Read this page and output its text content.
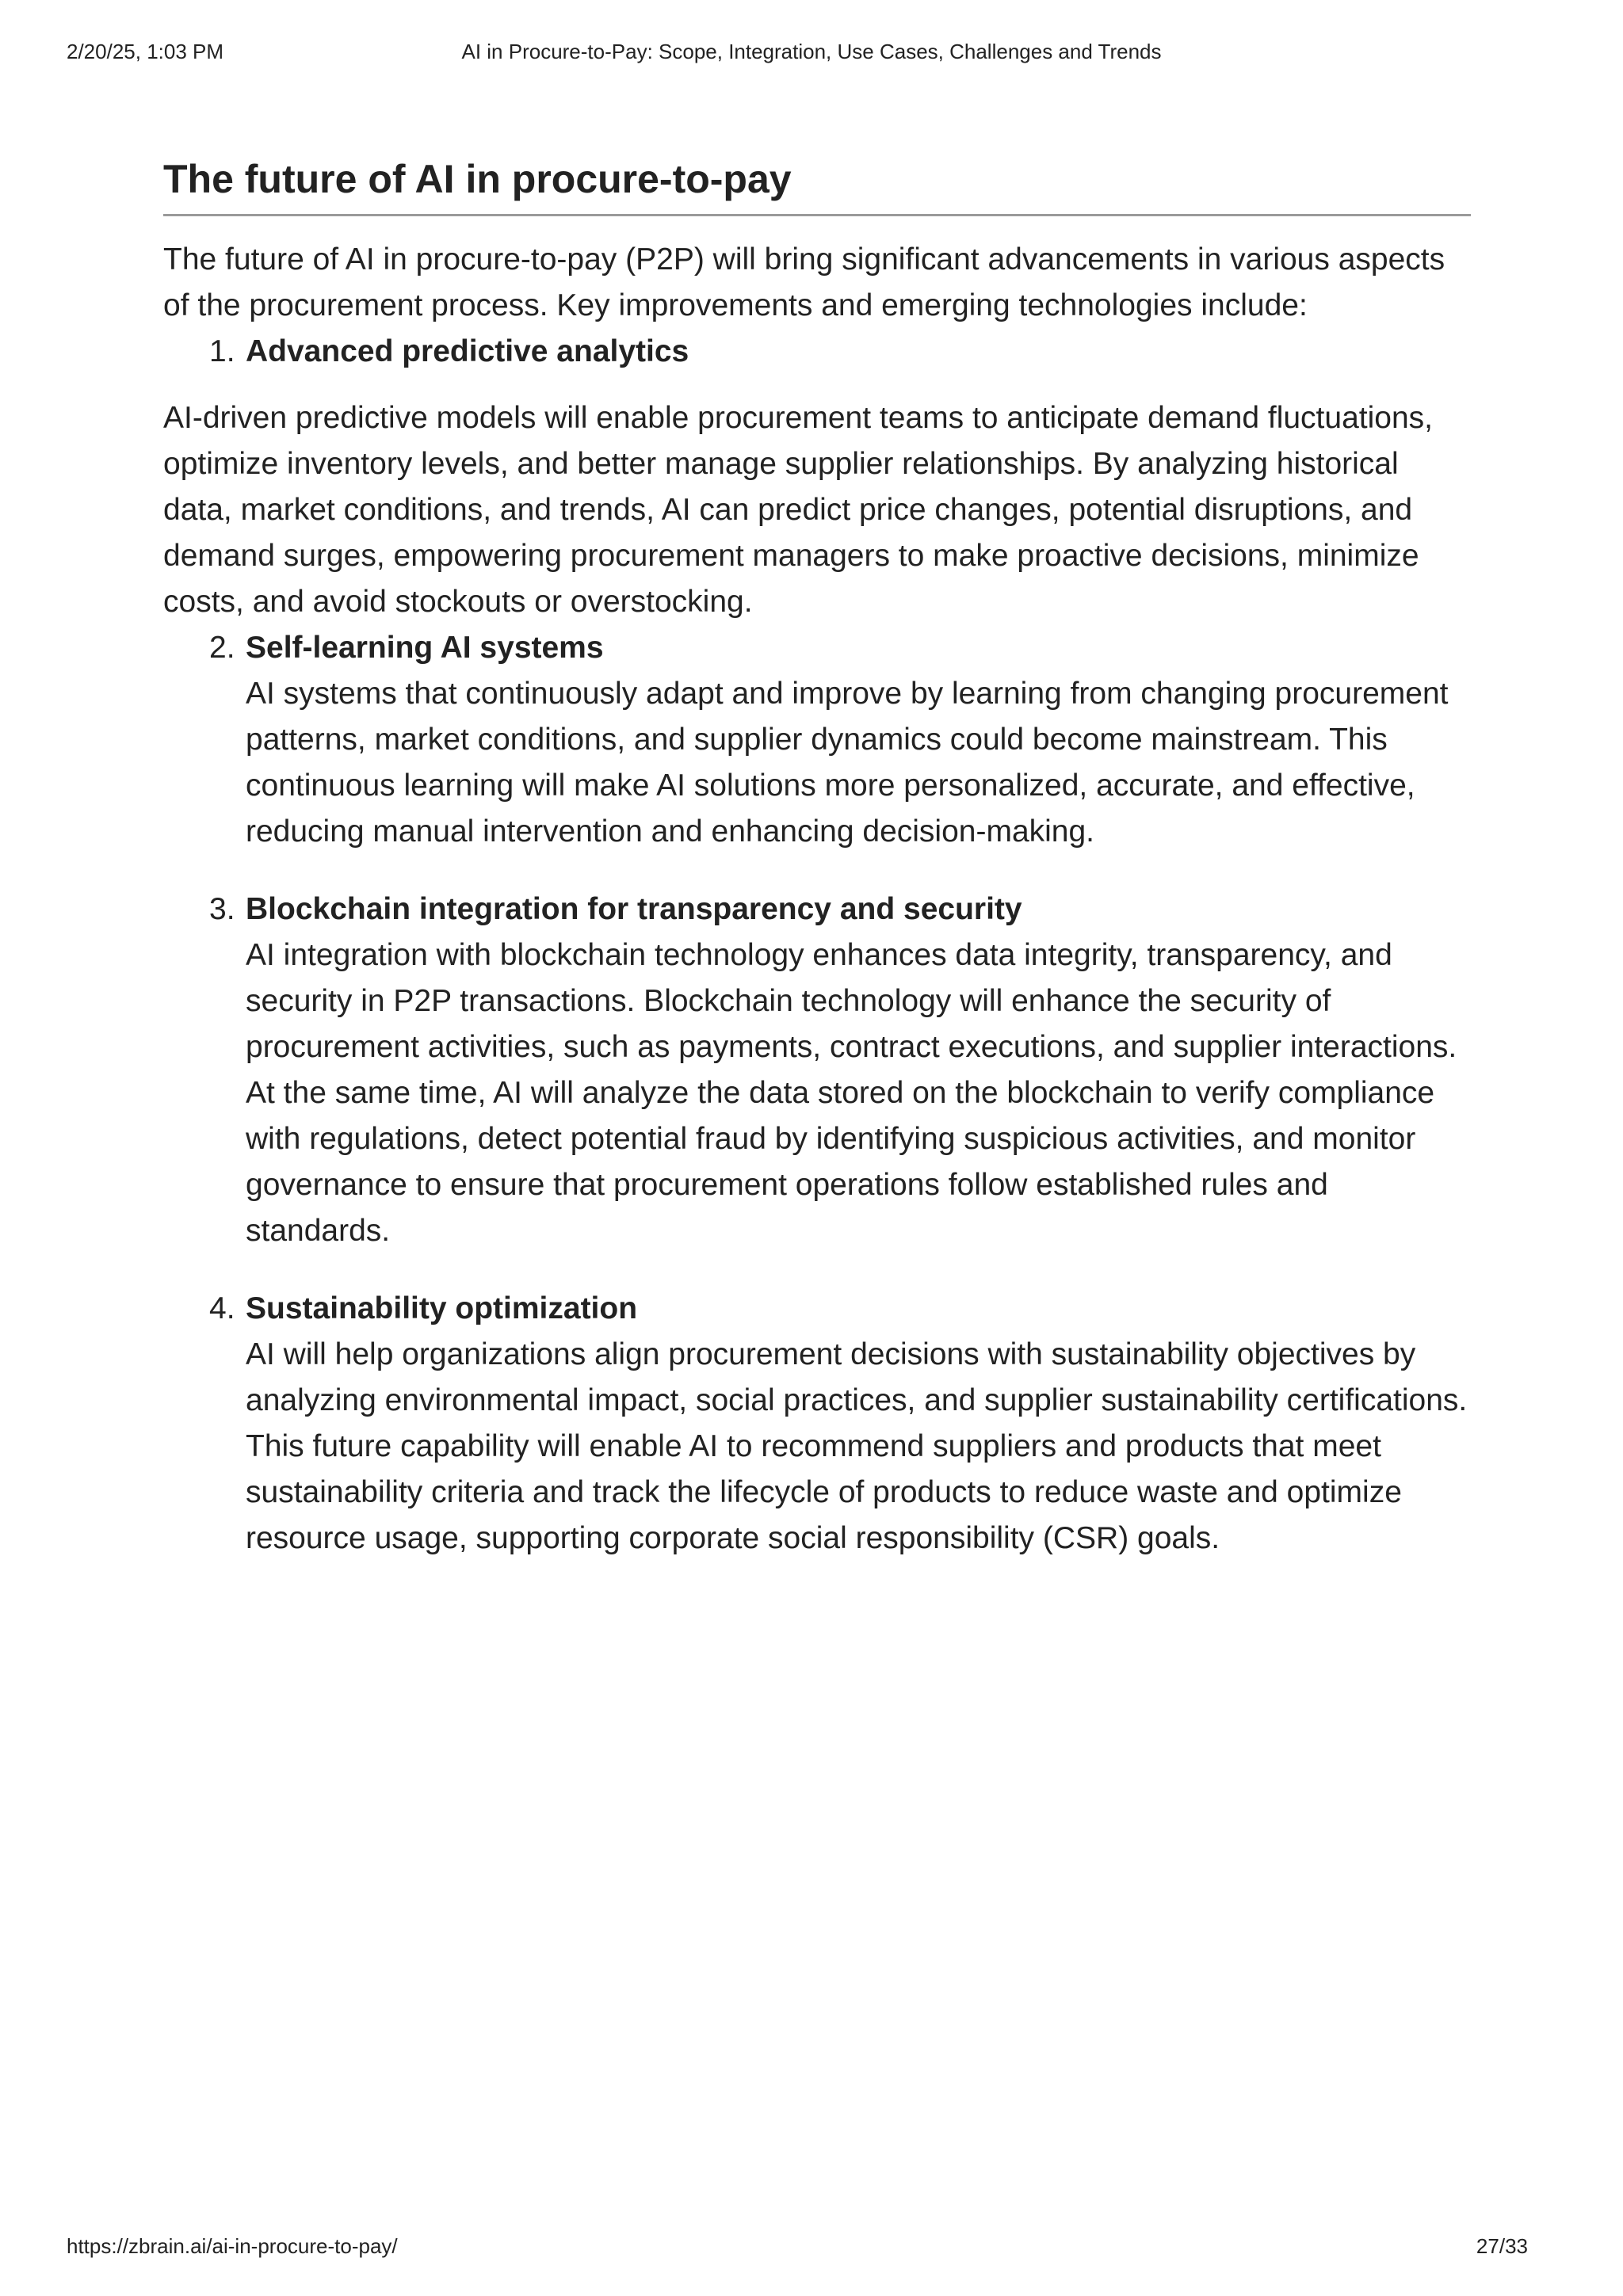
2/20/25, 1:03 PM	AI in Procure-to-Pay: Scope, Integration, Use Cases, Challenges and Trends
The future of AI in procure-to-pay

The future of AI in procure-to-pay (P2P) will bring significant advancements in various aspects of the procurement process. Key improvements and emerging technologies include:

1. Advanced predictive analytics

AI-driven predictive models will enable procurement teams to anticipate demand fluctuations, optimize inventory levels, and better manage supplier relationships. By analyzing historical data, market conditions, and trends, AI can predict price changes, potential disruptions, and demand surges, empowering procurement managers to make proactive decisions, minimize costs, and avoid stockouts or overstocking.

2. Self-learning AI systems
AI systems that continuously adapt and improve by learning from changing procurement patterns, market conditions, and supplier dynamics could become mainstream. This continuous learning will make AI solutions more personalized, accurate, and effective, reducing manual intervention and enhancing decision-making.
3. Blockchain integration for transparency and security
AI integration with blockchain technology enhances data integrity, transparency, and security in P2P transactions. Blockchain technology will enhance the security of procurement activities, such as payments, contract executions, and supplier interactions. At the same time, AI will analyze the data stored on the blockchain to verify compliance with regulations, detect potential fraud by identifying suspicious activities, and monitor governance to ensure that procurement operations follow established rules and standards.
4. Sustainability optimization
AI will help organizations align procurement decisions with sustainability objectives by analyzing environmental impact, social practices, and supplier sustainability certifications. This future capability will enable AI to recommend suppliers and products that meet sustainability criteria and track the lifecycle of products to reduce waste and optimize resource usage, supporting corporate social responsibility (CSR) goals.
https://zbrain.ai/ai-in-procure-to-pay/	27/33
